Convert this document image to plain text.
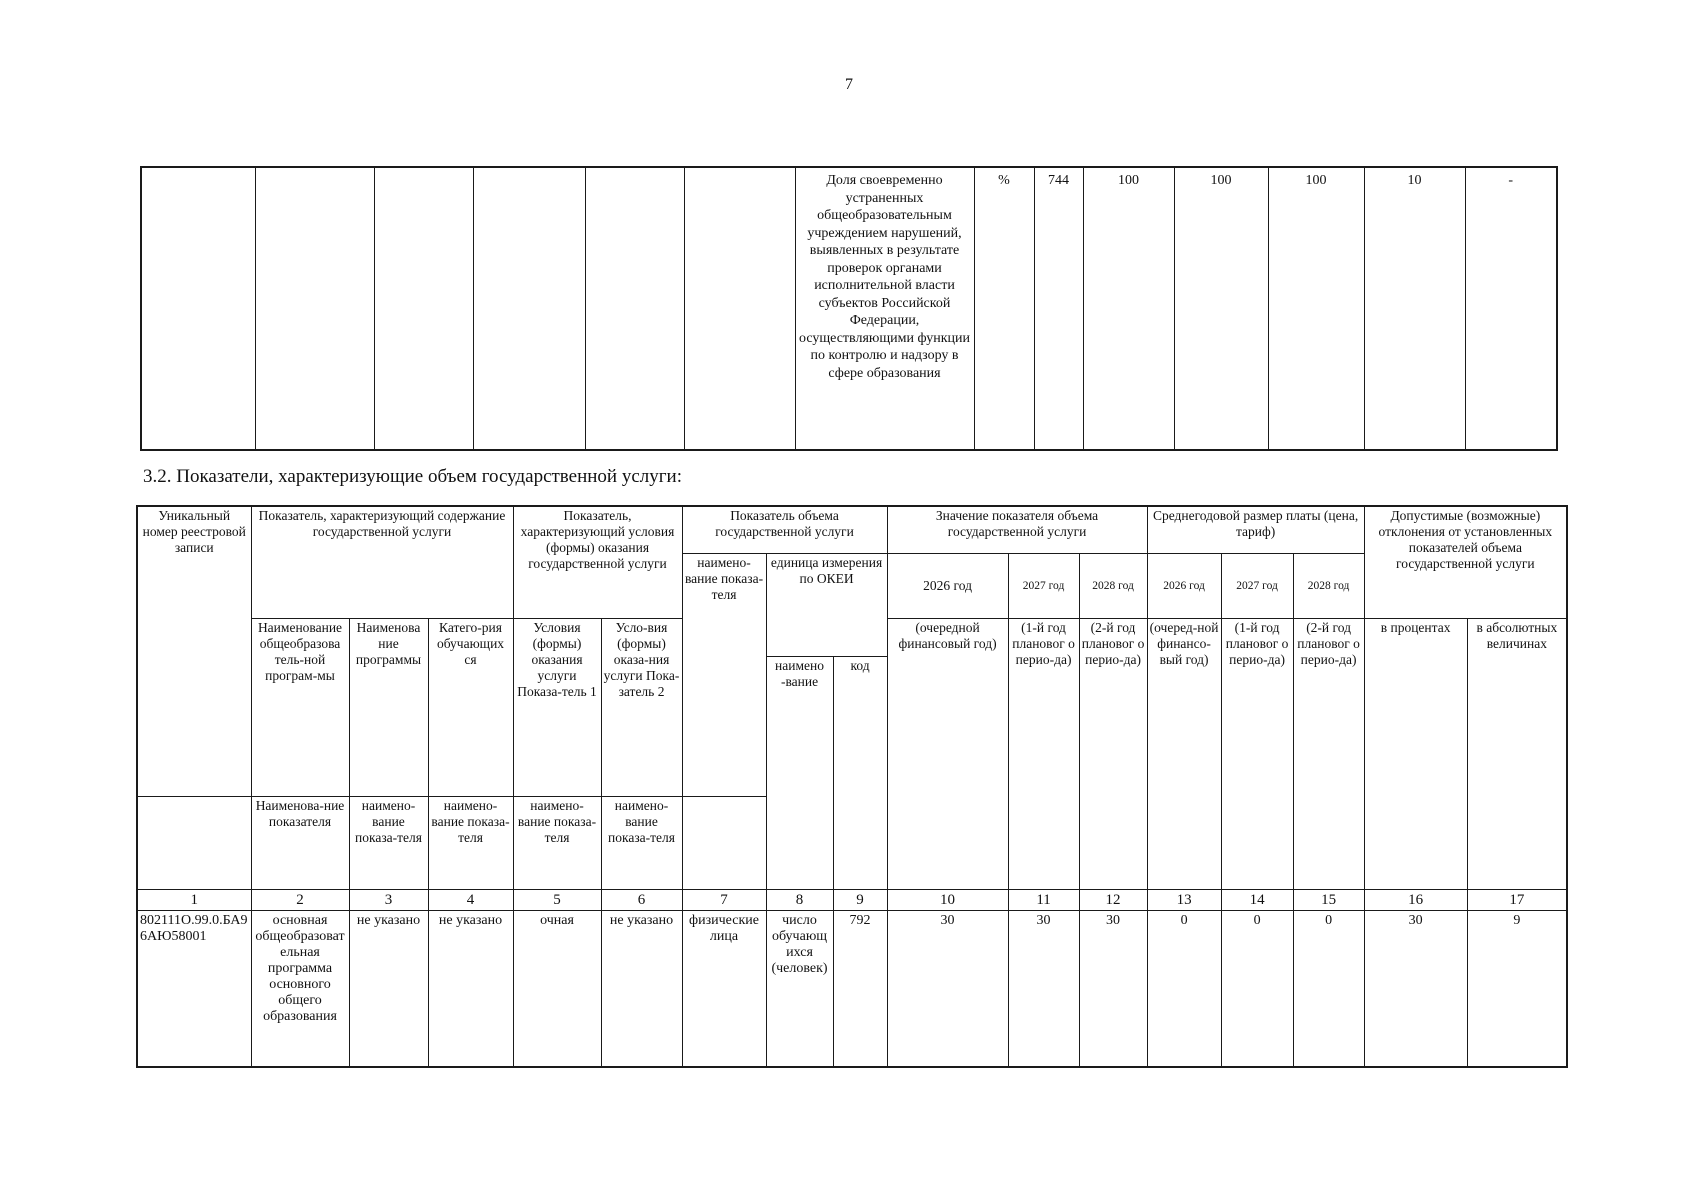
7
						Доля своевременно устраненных общеобразовательным учреждением нарушений, выявленных в результате проверок органами исполнительной власти субъектов Российской Федерации, осуществляющими функции по контролю и надзору в сфере образования	%	744	100	100	100	10	-
3.2. Показатели, характеризующие объем государственной услуги:
Уникальный номер реестровой записи	Показатель, характеризующий содержание государственной услуги			Показатель, характеризующий условия (формы) оказания государственной услуги		Показатель объема государственной услуги			Значение показателя объема государственной услуги			Среднегодовой размер платы (цена, тариф)			Допустимые (возможные) отклонения от установленных показателей объема государственной услуги	
						наимено-вание показа-теля	единица измерения по ОКЕИ		2026 год	2027 год	2028 год	2026 год	2027 год	2028 год		
	Наименование общеобразова тель-ной програм-мы	Наименова ние программы	Катего-рия обучающих ся	Условия (формы) оказания услуги Показа-тель 1	Усло-вия (формы) оказа-ния услуги Пока-затель 2				(очередной финансовый год)	(1-й год плановог о перио-да)	(2-й год плановог о перио-да)	(очеред-ной финансо-вый год)	(1-й год плановог о перио-да)	(2-й год плановог о перио-да)	в процентах	в абсолютных величинах
							наимено -вание	код								
	Наименова-ние показателя	наимено-вание показа-теля	наимено-вание показа-теля	наимено-вание показа-теля	наимено-вание показа-теля											
1	2	3	4	5	6	7	8	9	10	11	12	13	14	15	16	17
802111О.99.0.БА96АЮ58001	основная общеобразовательная программа основного общего образования	не указано	не указано	очная	не указано	физические лица	число обучающихся (человек)	792	30	30	30	0	0	0	30	9
